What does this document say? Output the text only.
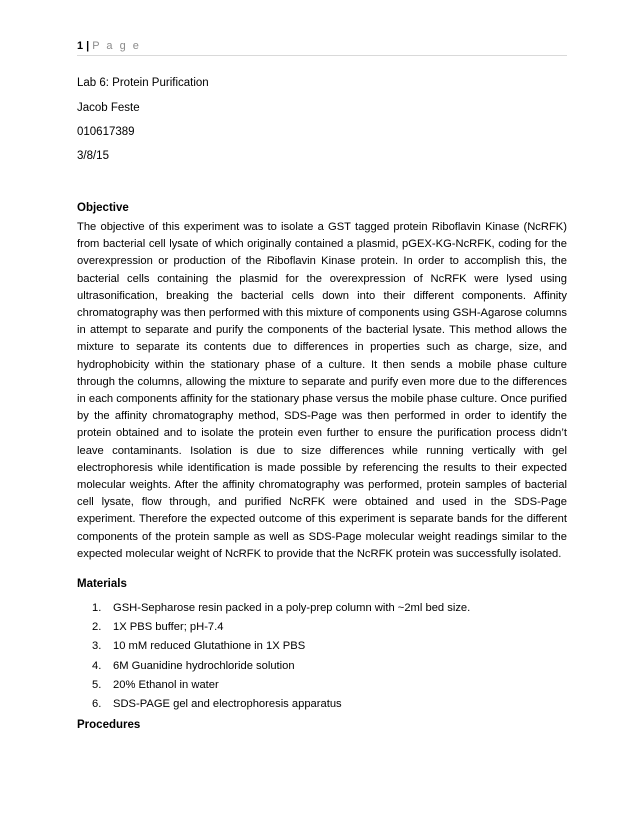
1 | P a g e
Lab 6: Protein Purification
Jacob Feste
010617389
3/8/15
Objective
The objective of this experiment was to isolate a GST tagged protein Riboflavin Kinase (NcRFK) from bacterial cell lysate of which originally contained a plasmid, pGEX-KG-NcRFK, coding for the overexpression or production of the Riboflavin Kinase protein. In order to accomplish this, the bacterial cells containing the plasmid for the overexpression of NcRFK were lysed using ultrasonification, breaking the bacterial cells down into their different components. Affinity chromatography was then performed with this mixture of components using GSH-Agarose columns in attempt to separate and purify the components of the bacterial lysate. This method allows the mixture to separate its contents due to differences in properties such as charge, size, and hydrophobicity within the stationary phase of a culture. It then sends a mobile phase culture through the columns, allowing the mixture to separate and purify even more due to the differences in each components affinity for the stationary phase versus the mobile phase culture. Once purified by the affinity chromatography method, SDS-Page was then performed in order to identify the protein obtained and to isolate the protein even further to ensure the purification process didn’t leave contaminants. Isolation is due to size differences while running vertically with gel electrophoresis while identification is made possible by referencing the results to their expected molecular weights. After the affinity chromatography was performed, protein samples of bacterial cell lysate, flow through, and purified NcRFK were obtained and used in the SDS-Page experiment. Therefore the expected outcome of this experiment is separate bands for the different components of the protein sample as well as SDS-Page molecular weight readings similar to the expected molecular weight of NcRFK to provide that the NcRFK protein was successfully isolated.
Materials
1. GSH-Sepharose resin packed in a poly-prep column with ~2ml bed size.
2. 1X PBS buffer; pH-7.4
3. 10 mM reduced Glutathione in 1X PBS
4. 6M Guanidine hydrochloride solution
5. 20% Ethanol in water
6. SDS-PAGE gel and electrophoresis apparatus
Procedures
